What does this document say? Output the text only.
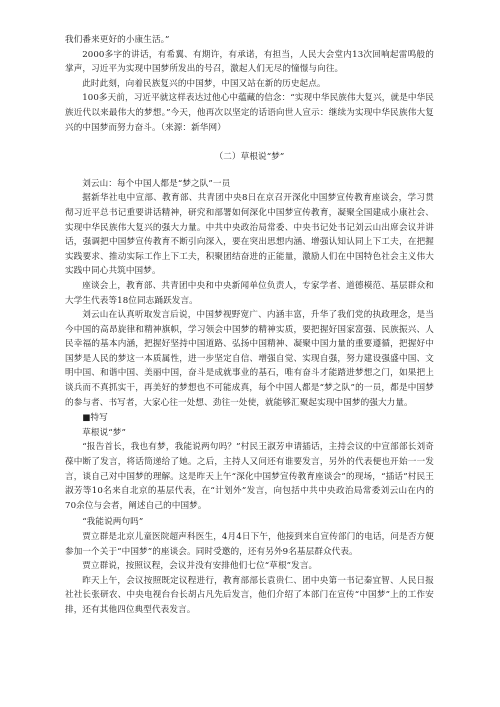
我们番来更好的小康生活。”

2000多字的讲话，有希翼、有期许，有承诺，有担当，人民大会堂内13次回响起雷鸣般的掌声，习近平为实现中国梦所发出的号召，激起人们无尽的憧憬与向往。

此时此刻，向着民族复兴的中国梦，中国又站在新的历史起点。

100多天前，习近平就这样表达过他心中蕴藏的信念：“实现中华民族伟大复兴，就是中华民族近代以来最伟大的梦想。”今天，他再次以坚定的话语向世人宣示：继续为实现中华民族伟大复兴的中国梦而努力奋斗。（来源：新华网）

（二）草根说“梦”

刘云山：每个中国人都是“梦之队”一员

据新华社电中宣部、教育部、共青团中央8日在京召开深化中国梦宣传教育座谈会，学习贯彻习近平总书记重要讲话精神，研究和部署如何深化中国梦宣传教育，凝聚全国建成小康社会、实现中华民族伟大复兴的强大力量。中共中央政治局常委、中央书记处书记刘云山出席会议并讲话，强调把中国梦宣传教育不断引向深入，要在突出思想内涵、增强认知认同上下工夫，在把握实践要求、推动实际工作上下工夫，积聚团结奋进的正能量，激励人们在中国特色社会主义伟大实践中同心共筑中国梦。

座谈会上，教育部、共青团中央和中央新闻单位负责人，专家学者、道德模范、基层群众和大学生代表等18位同志踊跃发言。

刘云山在认真听取发言后说，中国梦视野宽广、内涵丰富，升华了我们党的执政理念，是当今中国的高昂旋律和精神旗帜，学习领会中国梦的精神实质，要把握好国家富强、民族振兴、人民幸福的基本内涵，把握好坚持中国道路、弘扬中国精神、凝聚中国力量的重要遵循，把握好中国梦是人民的梦这一本质属性，进一步坚定自信、增强自觉、实现自强，努力建设强盛中国、文明中国、和谐中国、美丽中国，奋斗是成就事业的基石，唯有奋斗才能踏进梦想之门，如果把上谈兵而不真抓实干，再美好的梦想也不可能成真，每个中国人都是“梦之队”的一员，都是中国梦的参与者、书写者，大家心往一处想、劲往一处使，就能够汇聚起实现中国梦的强大力量。

■特写

草根说“梦”

“报告首长，我也有梦，我能说两句吗？”村民王淑芳申请插话，主持会议的中宣部部长刘奇葆中断了发言，将话筒递给了她。之后，主持人又问还有谁要发言，另外的代表便也开始一一发言，谈自己对中国梦的理解。这是昨天上午“深化中国梦宣传教育座谈会”的现场，“插话”村民王淑芳等10名来自北京的基层代表，在“计划外”发言，向包括中共中央政治局常委刘云山在内的70余位与会者，阐述自己的中国梦。

“我能说两句吗”

贾立群是北京儿童医院超声科医生，4月4日下午，他接到来自宣传部门的电话，问是否方便参加一个关于“中国梦”的座谈会。同时受邀的，还有另外9名基层群众代表。

贾立群说，按照议程，会议并没有安排他们七位“草根”发言。

昨天上午，会议按照既定议程进行，教育部部长袁贵仁、团中央第一书记秦宜智、人民日报社社长张研农、中央电视台台长胡占凡先后发言，他们介绍了本部门在宣传“中国梦”上的工作安排，还有其他四位典型代表发言。
